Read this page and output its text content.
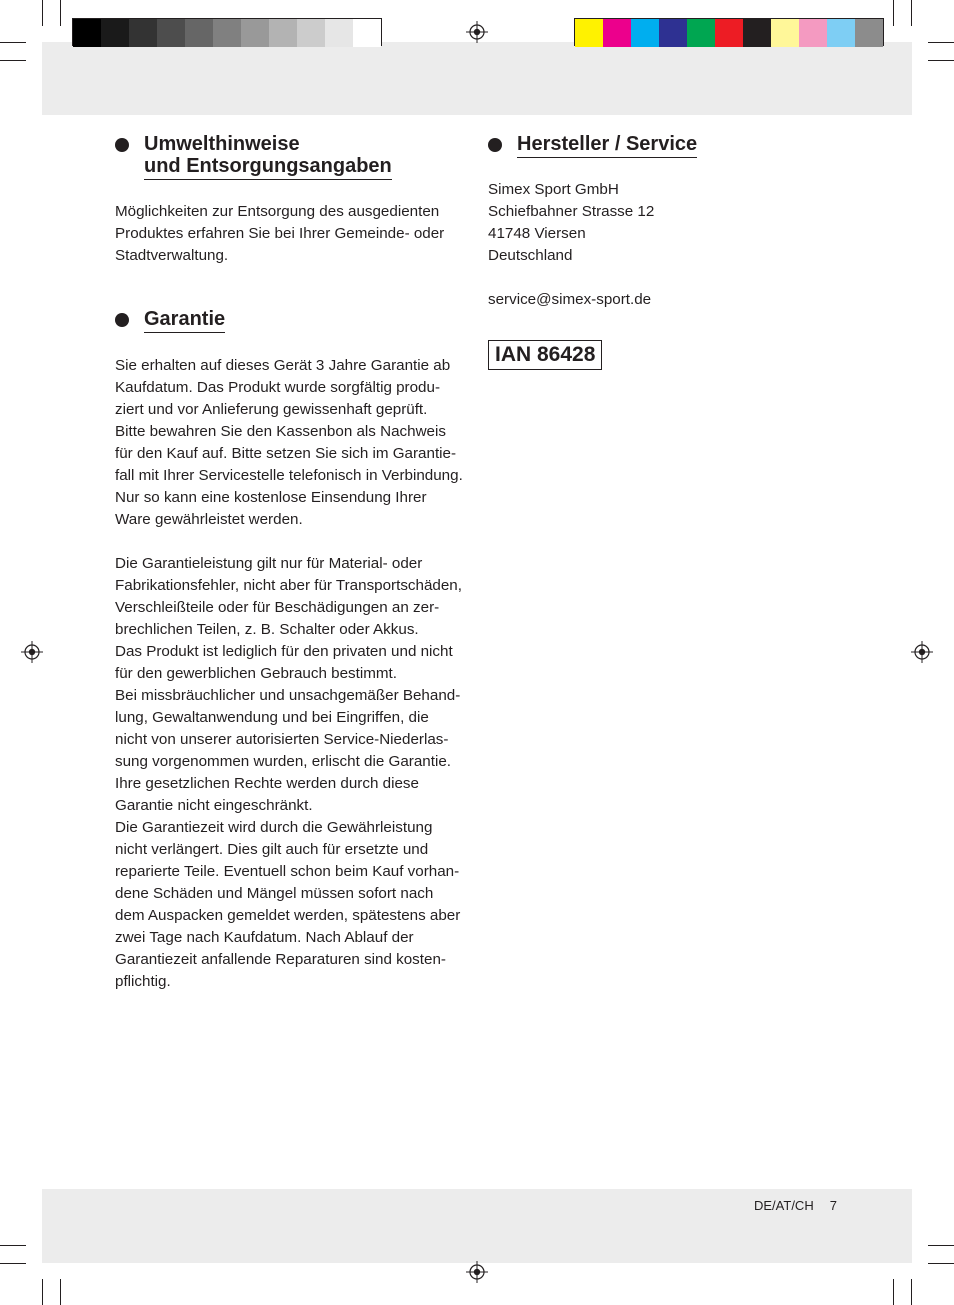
Umwelthinweise
und Entsorgungsangaben

Möglichkeiten zur Entsorgung des ausgedienten
Produktes erfahren Sie bei Ihrer Gemeinde- oder
Stadtverwaltung.

Garantie

Sie erhalten auf dieses Gerät 3 Jahre Garantie ab
Kaufdatum. Das Produkt wurde sorgfältig produ-
ziert und vor Anlieferung gewissenhaft geprüft.
Bitte bewahren Sie den Kassenbon als Nachweis
für den Kauf auf. Bitte setzen Sie sich im Garantie-
fall mit Ihrer Servicestelle telefonisch in Verbindung.
Nur so kann eine kostenlose Einsendung Ihrer
Ware gewährleistet werden.

Die Garantieleistung gilt nur für Material- oder
Fabrikationsfehler, nicht aber für Transportschäden,
Verschleißteile oder für Beschädigungen an zer-
brechlichen Teilen, z. B. Schalter oder Akkus.
Das Produkt ist lediglich für den privaten und nicht
für den gewerblichen Gebrauch bestimmt.
Bei missbräuchlicher und unsachgemäßer Behand-
lung, Gewaltanwendung und bei Eingriffen, die
nicht von unserer autorisierten Service-Niederlas-
sung vorgenommen wurden, erlischt die Garantie.
Ihre gesetzlichen Rechte werden durch diese
Garantie nicht eingeschränkt.
Die Garantiezeit wird durch die Gewährleistung
nicht verlängert. Dies gilt auch für ersetzte und
reparierte Teile. Eventuell schon beim Kauf vorhan-
dene Schäden und Mängel müssen sofort nach
dem Auspacken gemeldet werden, spätestens aber
zwei Tage nach Kaufdatum. Nach Ablauf der
Garantiezeit anfallende Reparaturen sind kosten-
pflichtig.

Hersteller / Service

Simex Sport GmbH
Schiefbahner Strasse 12
41748 Viersen
Deutschland

service@simex-sport.de

IAN 86428
DE/AT/CH 7
